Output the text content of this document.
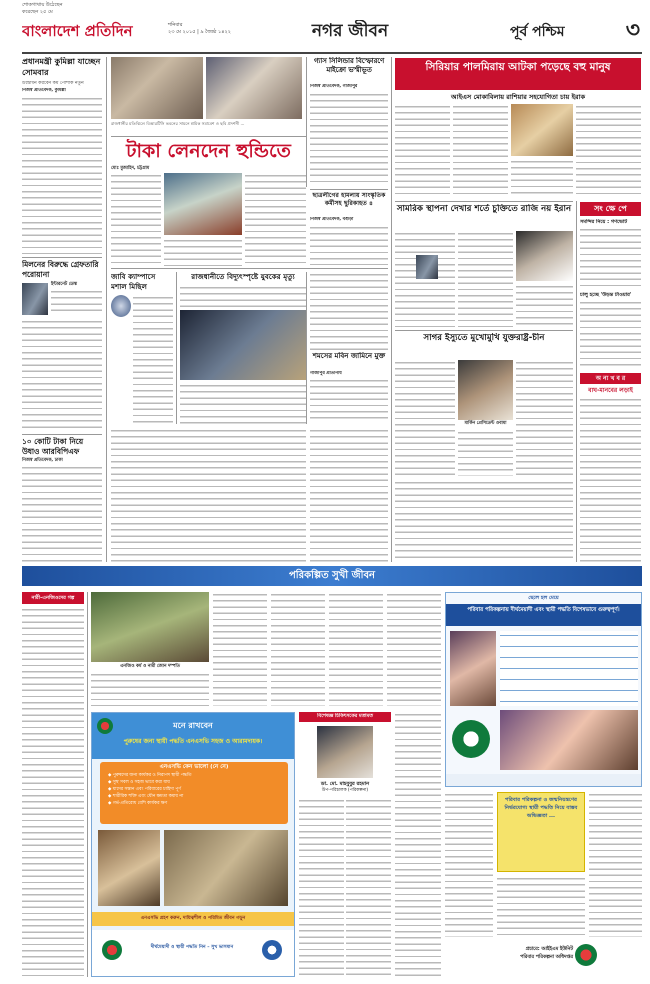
শোকগাথায় উঠেছেন
করেছেন ২৫ মে
বাংলাদেশ প্রতিদিন	শনিবার
২৩ মে ২০১৫ | ৯ জ্যৈষ্ঠ ১৪২২	নগর জীবন	পূর্ব পশ্চিম	৩
প্রধানমন্ত্রী কুমিল্লা যাচ্ছেন সোমবার
উদ্বোধন করবেন কর্ম পোশাক নতুন
নিজস্ব প্রতিবেদক, কুমিল্লা
মিলনের বিরুদ্ধে গ্রেফতারি পরোয়ানা
ইন্টারনেট ডেস্ক
১০ কোটি টাকা নিয়ে উধাও আরবিপিএফ
নিজস্ব প্রতিবেদক, ঢাকা
রাজধানীর মতিঝিলে বিআরটিসি ভবনের সামনে শ্রমিক সমাবেশ ও ছবি প্রদর্শনী ...
গ্যাস সিলিন্ডার বিস্ফোরণে মাইক্রো ভস্মীভূত
নিজস্ব প্রতিবেদক, গাজীপুর
টাকা লেনদেন হুন্ডিতে
মোঃ মুজাহিদ, চট্টগ্রাম
ছাত্রলীগের হামলায় সাংস্কৃতিক কর্মীসহ ছুরিকাহত ৪
নিজস্ব প্রতিবেদক, বগুড়া
জাবি ক্যাম্পাসে মশাল মিছিল
রাজধানীতে বিদ্যুৎস্পৃষ্টে যুবকের মৃত্যু
শমসের মবিন জামিনে মুক্ত
গাজীপুর প্রতিনিধি
সিরিয়ার পালমিরায় আটকা পড়েছে বহু মানুষ
আইএস মোকাবিলায় রাশিয়ার সহযোগিতা চায় ইরাক
সামরিক স্থাপনা দেখার শর্তে চুক্তিতে রাজি নয় ইরান
সাগর ইস্যুতে মুখোমুখি যুক্তরাষ্ট্র-চীন
মার্কিন প্রেসিডেন্ট ওবামা
সং ক্ষে পে
সমন্দির নিয়ে : গণভোট
চালু হচ্ছে 'উড়ন্ত টাওয়ার'
অ ন্য খ ব র
বাঘ-মানবের লড়াই
পরিকল্পিত সুখী জীবন
নারী-এনজিওদের গল্প
এনজিও কর্ম ও নারী জোন দম্পতি
মনে রাখবেন
পুরুষের জন্য স্থায়ী পদ্ধতি এনএসভি সহজ ও আরামদায়ক।
এনএসভি কেন ভালো (নে নে)
◆ পুরুষদের জন্য কার্যকর ও নিরাপদ স্থায়ী পদ্ধতি
◆ সুস্থ সবল ও সহজ ভাবে করা যায়
◆ যাদের সন্তান এবং পরিবারের চাহিদা পূর্ণ
◆ শারীরিক শক্তি এবং যৌন ক্ষমতা কমায় না
◆ গর্ভ-প্রতিরোধ বেশি কার্যকর ক্ষণ
এনএসভি গ্রহণ করুন, দায়িত্বশীল ও পরিমিত জীবন গড়ুন
দীর্ঘমেয়াদী ও স্থায়ী পদ্ধতি নিন – সুখ ভাসমান
বিশেষজ্ঞ চিকিৎসকের মতামত
ডা. মো. মাহবুবুর রহমান
উপ-পরিচালক (পরিকল্পনা)
ছেলে হল মেয়ে
পরিবার পরিকল্পনায় দীর্ঘমেয়াদী এবং স্থায়ী পদ্ধতি বিশেষভাবে গুরুত্বপূর্ণ।
পরিবার পরিকল্পনা ও জন্মনিয়ন্ত্রণের নির্ভরযোগ্য স্থায়ী পদ্ধতি নিয়ে বাস্তব অভিজ্ঞতা ...
প্রচারে: আইইএম ইউনিট
পরিবার পরিকল্পনা অধিদপ্তর
